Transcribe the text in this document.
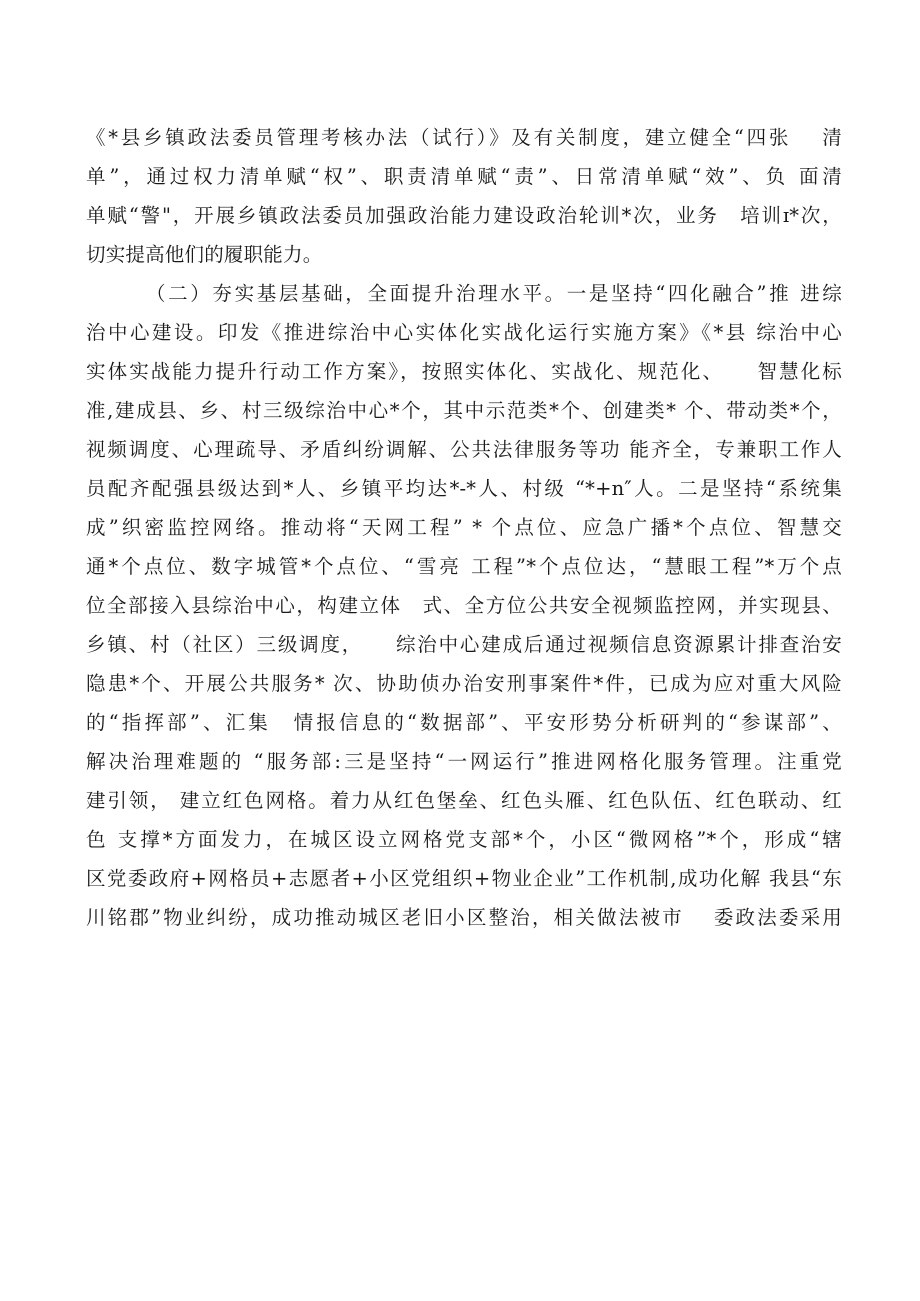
《*县乡镇政法委员管理考核办法（试行）》及有关制度，建立健全“四张　 清
单”，通过权力清单赋“权”、职责清单赋“责”、日常清单赋“效”、负 面清
单赋“警"，开展乡镇政法委员加强政治能力建设政治轮训*次，业务　培训ɪ*次，
切实提高他们的履职能力。
（二）夯实基层基础，全面提升治理水平。一是坚持“四化融合”推 进综
治中心建设。印发《推进综治中心实体化实战化运行实施方案》《*县 综治中心
实体实战能力提升行动工作方案》，按照实体化、实战化、规范化、　　智慧化标
准,建成县、乡、村三级综治中心*个，其中示范类*个、创建类* 个、带动类*个，
视频调度、心理疏导、矛盾纠纷调解、公共法律服务等功 能齐全，专兼职工作人
员配齐配强县级达到*人、乡镇平均达*-*人、村级 “*+n″人。二是坚持“系统集
成”织密监控网络。推动将“天网工程” * 个点位、应急广播*个点位、智慧交
通*个点位、数字城管*个点位、“雪亮 工程”*个点位达，“慧眼工程”*万个点
位全部接入县综治中心，构建立体　式、全方位公共安全视频监控网，并实现县、
乡镇、村（社区）三级调度，　　综治中心建成后通过视频信息资源累计排查治安
隐患*个、开展公共服务* 次、协助侦办治安刑事案件*件，已成为应对重大风险
的“指挥部”、汇集　情报信息的“数据部”、平安形势分析研判的“参谋部”、
解决治理难题的 “服务部:三是坚持“一网运行”推进网格化服务管理。注重党
建引领， 建立红色网格。着力从红色堡垒、红色头雁、红色队伍、红色联动、红
色 支撑*方面发力，在城区设立网格党支部*个，小区“微网格”*个，形成“辖
区党委政府+网格员+志愿者+小区党组织+物业企业”工作机制,成功化解 我县“东
川铭郡”物业纠纷，成功推动城区老旧小区整治，相关做法被市　 委政法委采用
